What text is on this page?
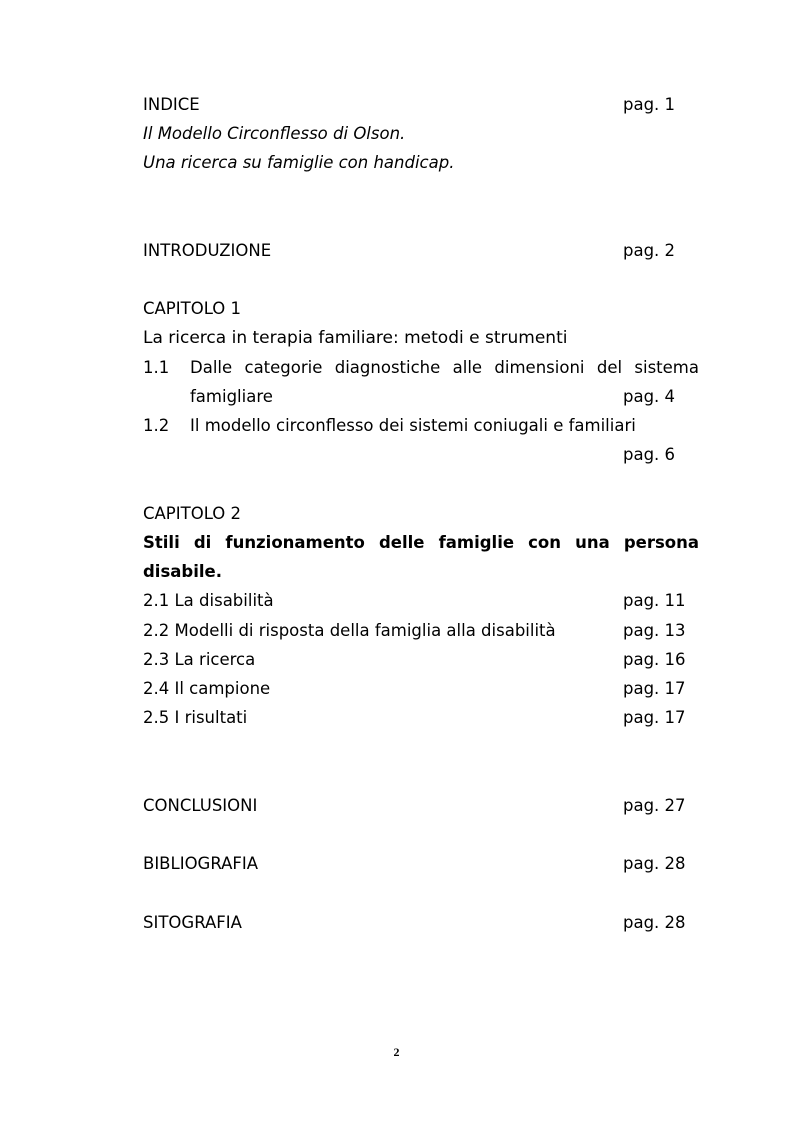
INDICE	pag. 1
Il Modello Circonflesso di Olson.
Una ricerca su famiglie con handicap.
INTRODUZIONE	pag. 2
CAPITOLO 1
La ricerca in terapia familiare: metodi e strumenti
1.1 Dalle categorie diagnostiche alle dimensioni del sistema
famigliare	pag. 4
1.2 Il modello circonflesso dei sistemi coniugali e familiari
pag. 6
CAPITOLO 2
Stili di funzionamento delle famiglie con una persona
disabile.
2.1 La disabilità	pag. 11
2.2 Modelli di risposta della famiglia alla disabilità	pag. 13
2.3 La ricerca	pag. 16
2.4 Il campione	pag. 17
2.5 I risultati	pag. 17
CONCLUSIONI	pag. 27
BIBLIOGRAFIA	pag. 28
SITOGRAFIA	pag. 28
2
